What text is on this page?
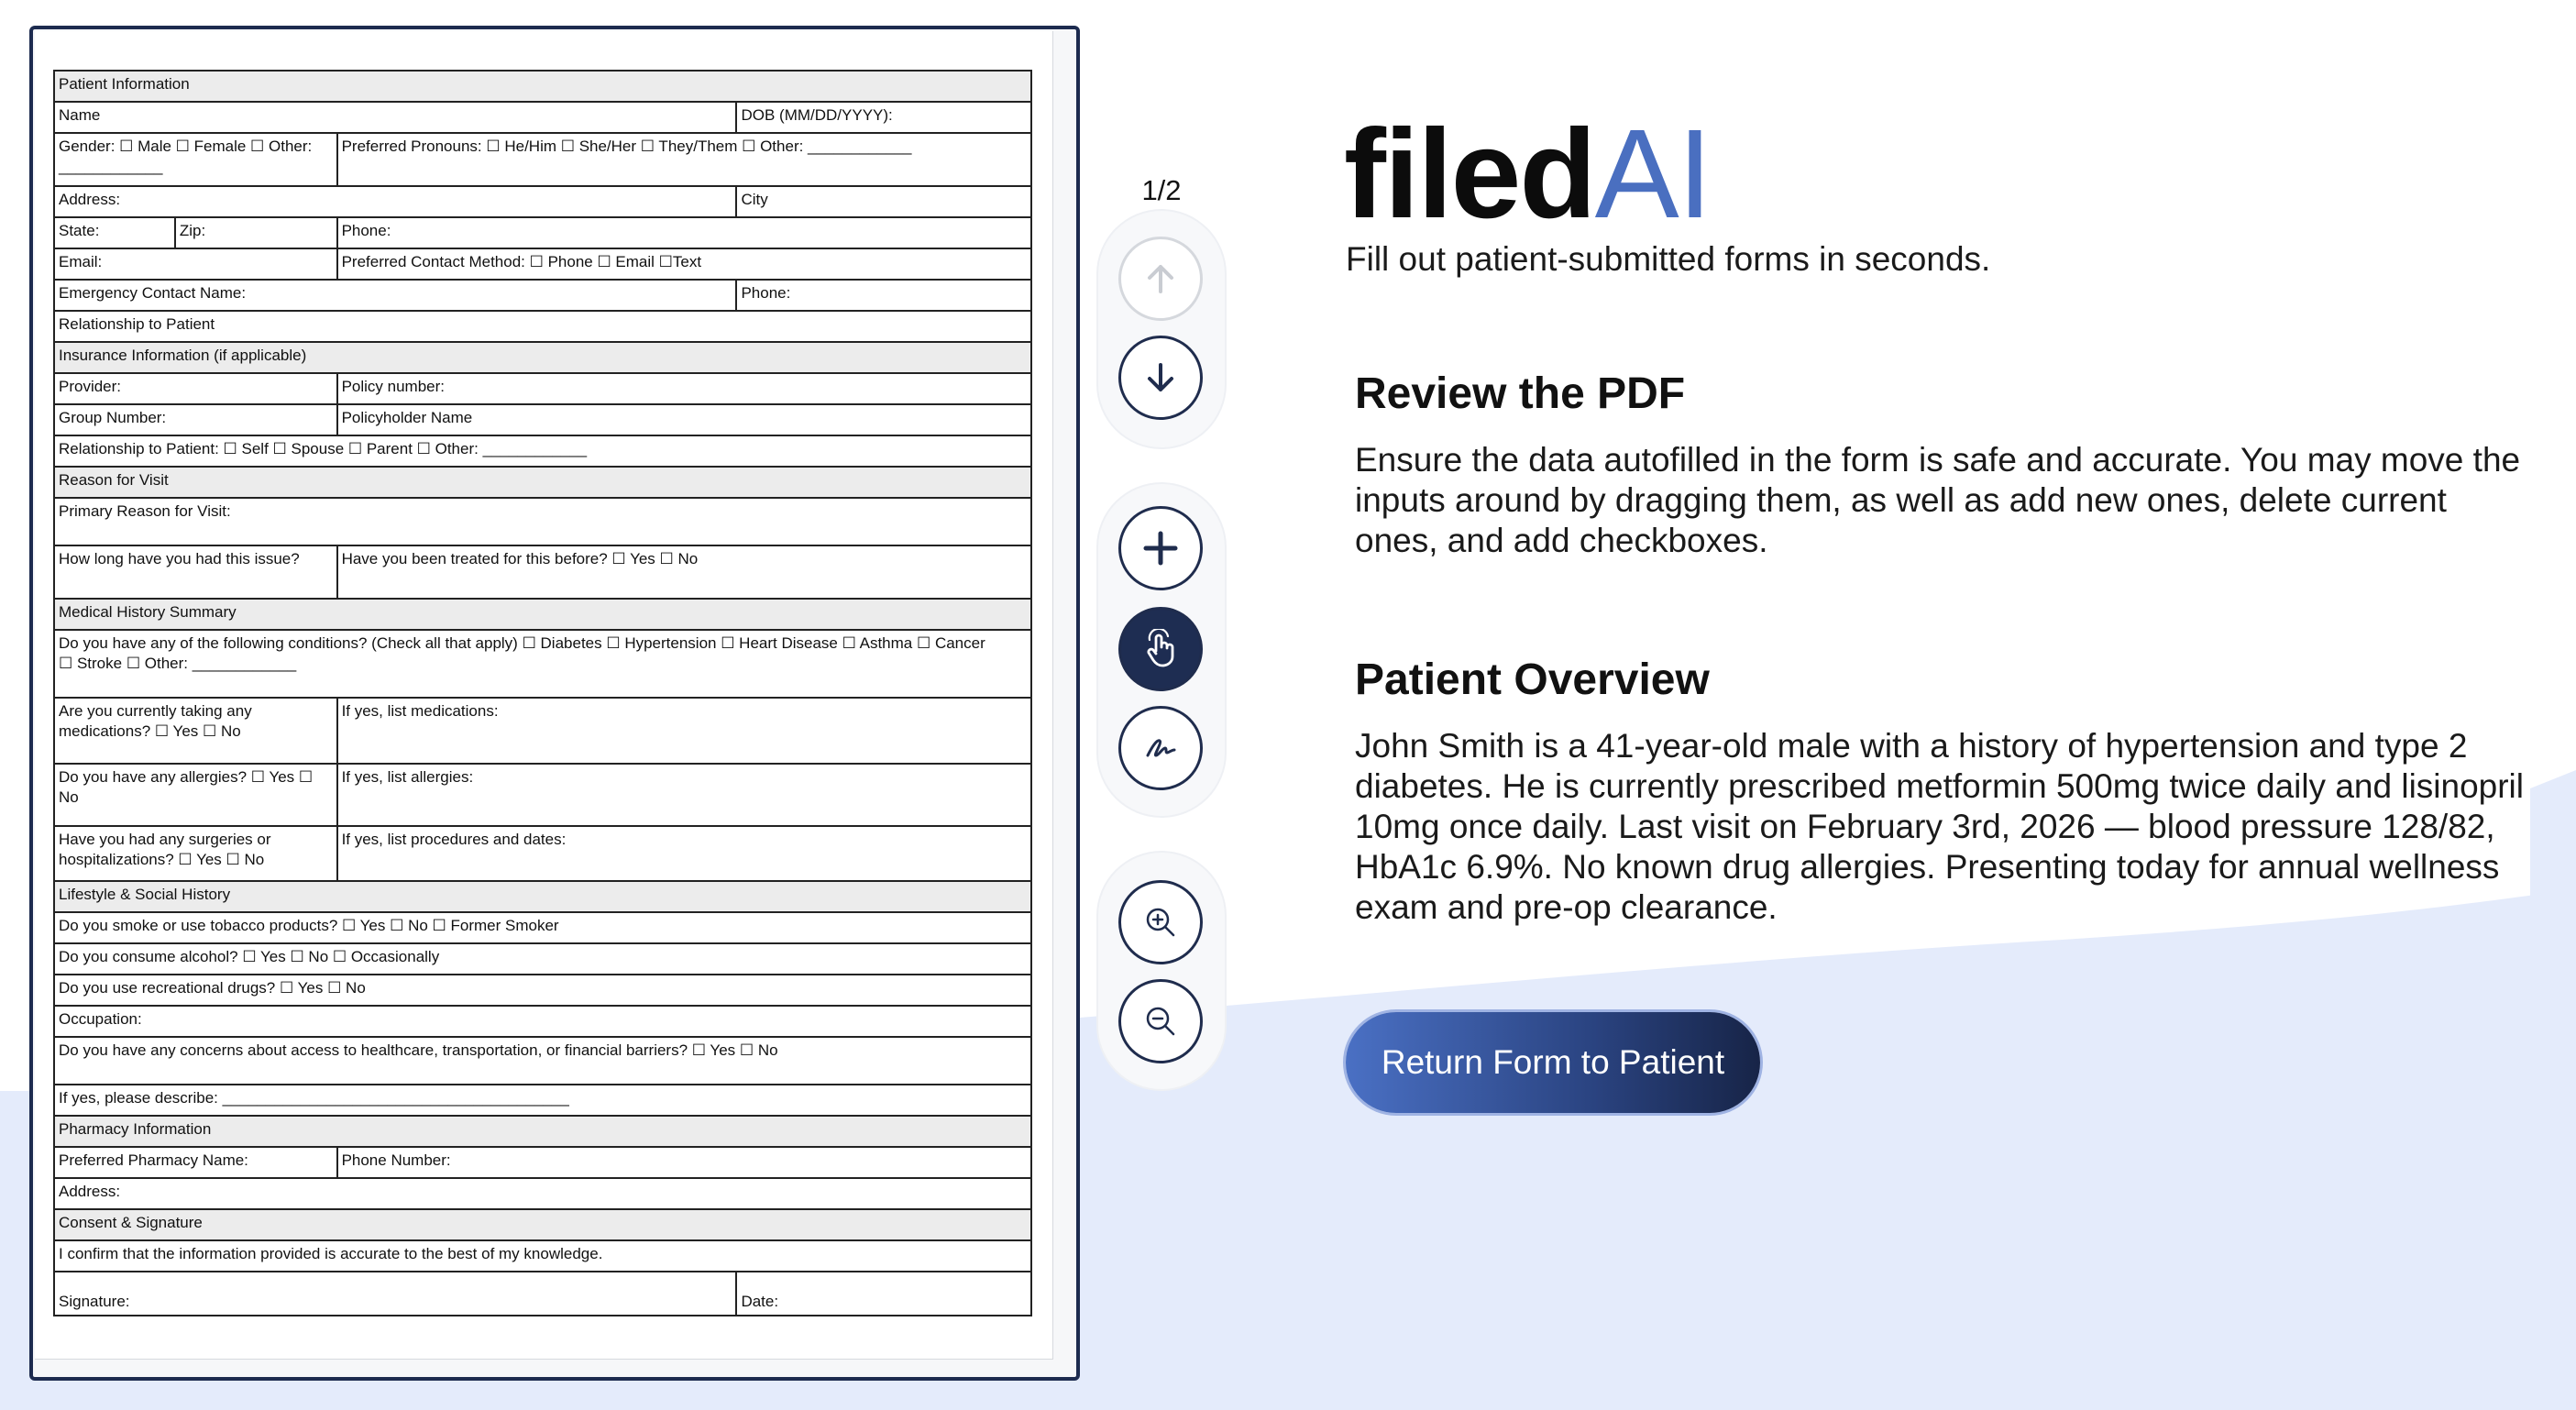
Patient Information			
Name			DOB (MM/DD/YYYY):
Gender: ☐ Male ☐ Female ☐ Other: ____________		Preferred Pronouns: ☐ He/Him ☐ She/Her ☐ They/Them ☐ Other: ____________	
Address:			City
State:	Zip:	Phone:	
Email:		Preferred Contact Method: ☐ Phone ☐ Email ☐Text	
Emergency Contact Name:			Phone:
Relationship to Patient			
Insurance Information (if applicable)			
Provider:		Policy number:	
Group Number:		Policyholder Name	
Relationship to Patient: ☐ Self ☐ Spouse ☐ Parent ☐ Other: ____________			
Reason for Visit			
Primary Reason for Visit:			
How long have you had this issue?		Have you been treated for this before? ☐ Yes ☐ No	
Medical History Summary			

Do you have any of the following conditions? (Check all that apply) ☐ Diabetes ☐ Hypertension ☐ Heart Disease ☐ Asthma ☐ Cancer ☐ Stroke ☐ Other: ____________			

Are you currently taking any medications? ☐ Yes ☐ No		If yes, list medications:	
Do you have any allergies? ☐ Yes ☐ No		If yes, list allergies:	
Have you had any surgeries or hospitalizations? ☐ Yes ☐ No		If yes, list procedures and dates:	
Lifestyle & Social History			
Do you smoke or use tobacco products? ☐ Yes ☐ No ☐ Former Smoker			
Do you consume alcohol? ☐ Yes ☐ No ☐ Occasionally			
Do you use recreational drugs? ☐ Yes ☐ No			
Occupation:			
Do you have any concerns about access to healthcare, transportation, or financial barriers? ☐ Yes ☐ No			
If yes, please describe: ________________________________________			
Pharmacy Information			
Preferred Pharmacy Name:		Phone Number:	
Address:			
Consent & Signature			
I confirm that the information provided is accurate to the best of my knowledge.			
Signature:			Date:
1/2 filedAI
Fill out patient-submitted forms in seconds.
Review the PDF
Ensure the data autofilled in the form is safe and accurate. You may move the inputs around by dragging them, as well as add new ones, delete current ones, and add checkboxes.
Patient Overview
John Smith is a 41-year-old male with a history of hypertension and type 2 diabetes. He is currently prescribed metformin 500mg twice daily and lisinopril 10mg once daily. Last visit on February 3rd, 2026 — blood pressure 128/82, HbA1c 6.9%. No known drug allergies. Presenting today for annual wellness exam and pre-op clearance.
Return Form to Patient
